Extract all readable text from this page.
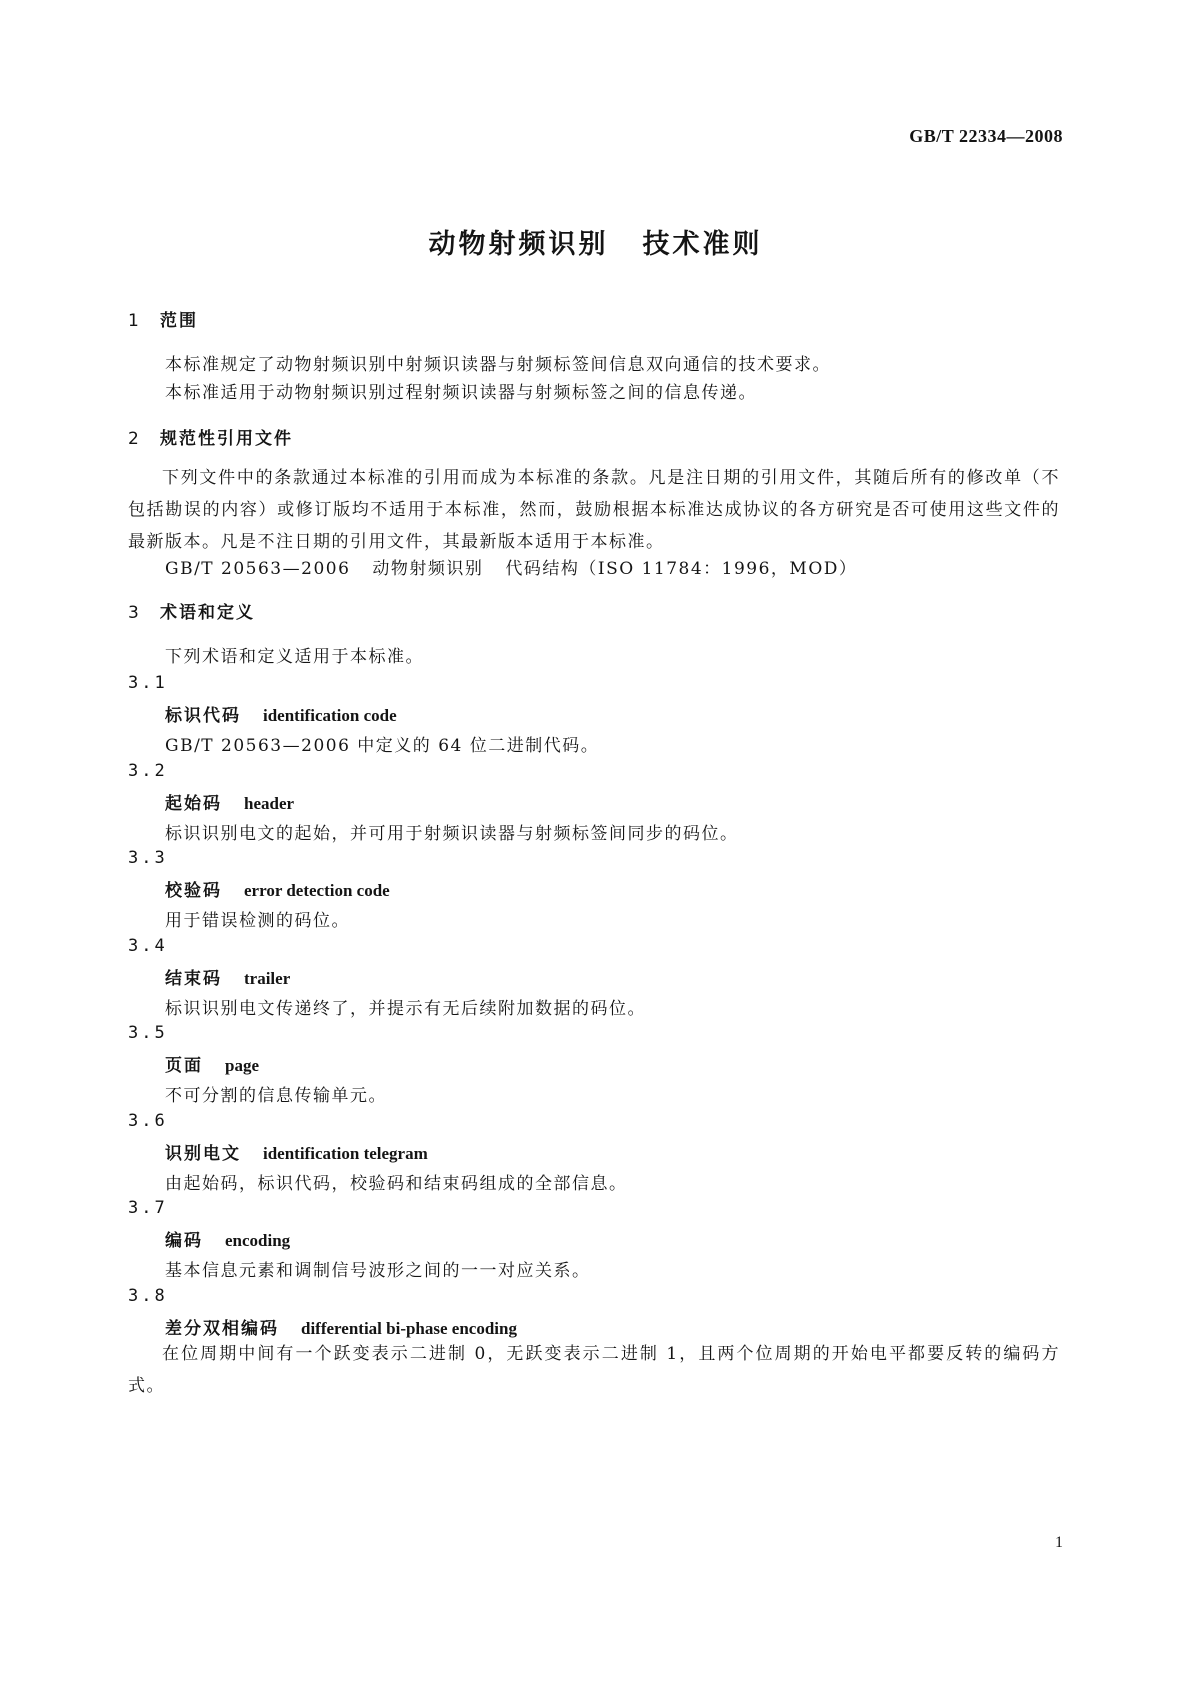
GB/T 22334—2008
动物射频识别 技术准则
1 范围
本标准规定了动物射频识别中射频识读器与射频标签间信息双向通信的技术要求。
本标准适用于动物射频识别过程射频识读器与射频标签之间的信息传递。
2 规范性引用文件
下列文件中的条款通过本标准的引用而成为本标准的条款。凡是注日期的引用文件，其随后所有的修改单（不包括勘误的内容）或修订版均不适用于本标准，然而，鼓励根据本标准达成协议的各方研究是否可使用这些文件的最新版本。凡是不注日期的引用文件，其最新版本适用于本标准。
GB/T 20563—2006 动物射频识别 代码结构（ISO 11784：1996，MOD）
3 术语和定义
下列术语和定义适用于本标准。
3.1
标识代码 identification code
GB/T 20563—2006 中定义的 64 位二进制代码。
3.2
起始码 header
标识识别电文的起始，并可用于射频识读器与射频标签间同步的码位。
3.3
校验码 error detection code
用于错误检测的码位。
3.4
结束码 trailer
标识识别电文传递终了，并提示有无后续附加数据的码位。
3.5
页面 page
不可分割的信息传输单元。
3.6
识别电文 identification telegram
由起始码，标识代码，校验码和结束码组成的全部信息。
3.7
编码 encoding
基本信息元素和调制信号波形之间的一一对应关系。
3.8
差分双相编码 differential bi-phase encoding
在位周期中间有一个跃变表示二进制 0，无跃变表示二进制 1，且两个位周期的开始电平都要反转的编码方式。
1
